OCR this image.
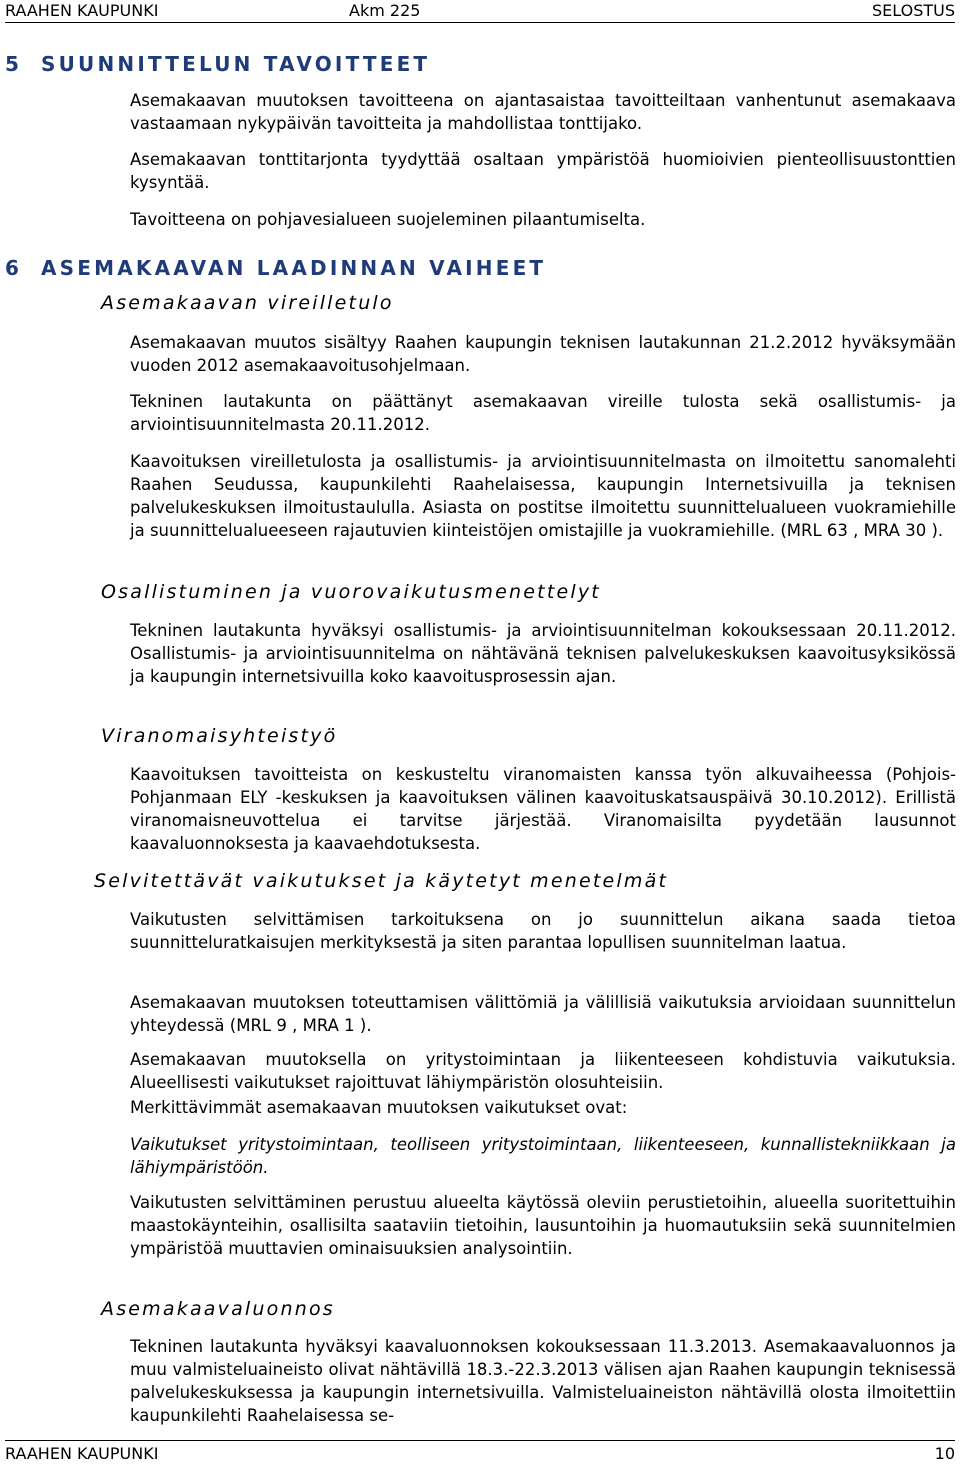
RAAHEN KAUPUNKI	Akm 225	SELOSTUS
5 SUUNNITTELUN TAVOITTEET
Asemakaavan muutoksen tavoitteena on ajantasaistaa tavoitteiltaan vanhentunut asemakaava vastaamaan nykypäivän tavoitteita ja mahdollistaa tonttijako.
Asemakaavan tonttitarjonta tyydyttää osaltaan ympäristöä huomioivien pienteollisuustonttien kysyntää.
Tavoitteena on pohjavesialueen suojeleminen pilaantumiselta.
6 ASEMAKAAVAN LAADINNAN VAIHEET
Asemakaavan vireilletulo
Asemakaavan muutos sisältyy Raahen kaupungin teknisen lautakunnan 21.2.2012 hyväksymään vuoden 2012 asemakaavoitusohjelmaan.
Tekninen lautakunta on päättänyt asemakaavan vireille tulosta sekä osallistumis- ja arviointisuunnitelmasta 20.11.2012.
Kaavoituksen vireilletulosta ja osallistumis- ja arviointisuunnitelmasta on ilmoitettu sanomalehti Raahen Seudussa, kaupunkilehti Raahelaisessa, kaupungin Internetsivuilla ja teknisen palvelukeskuksen ilmoitustaululla. Asiasta on postitse ilmoitettu suunnittelualueen vuokramiehille ja suunnittelualueeseen rajautuvien kiinteistöjen omistajille ja vuokramiehille. (MRL 63 , MRA 30 ).
Osallistuminen ja vuorovaikutusmenettelyt
Tekninen lautakunta hyväksyi osallistumis- ja arviointisuunnitelman kokouksessaan 20.11.2012. Osallistumis- ja arviointisuunnitelma on nähtävänä teknisen palvelukeskuksen kaavoitusyksikössä ja kaupungin internetsivuilla koko kaavoitusprosessin ajan.
Viranomaisyhteistyö
Kaavoituksen tavoitteista on keskusteltu viranomaisten kanssa työn alkuvaiheessa (Pohjois-Pohjanmaan ELY -keskuksen ja kaavoituksen välinen kaavoituskatsauspäivä 30.10.2012). Erillistä viranomaisneuvottelua ei tarvitse järjestää. Viranomaisilta pyydetään lausunnot kaavaluonnoksesta ja kaavaehdotuksesta.
Selvitettävät vaikutukset ja käytetyt menetelmät
Vaikutusten selvittämisen tarkoituksena on jo suunnittelun aikana saada tietoa suunnitteluratkaisujen merkityksestä ja siten parantaa lopullisen suunnitelman laatua.
Asemakaavan muutoksen toteuttamisen välittömiä ja välillisiä vaikutuksia arvioidaan suunnittelun yhteydessä (MRL 9 , MRA 1 ).
Asemakaavan muutoksella on yritystoimintaan ja liikenteeseen kohdistuvia vaikutuksia. Alueellisesti vaikutukset rajoittuvat lähiympäristön olosuhteisiin.
Merkittävimmät asemakaavan muutoksen vaikutukset ovat:
Vaikutukset yritystoimintaan, teolliseen yritystoimintaan, liikenteeseen, kunnallistekniikkaan ja lähiympäristöön.
Vaikutusten selvittäminen perustuu alueelta käytössä oleviin perustietoihin, alueella suoritettuihin maastokäynteihin, osallisilta saataviin tietoihin, lausuntoihin ja huomautuksiin sekä suunnitelmien ympäristöä muuttavien ominaisuuksien analysointiin.
Asemakaavaluonnos
Tekninen lautakunta hyväksyi kaavaluonnoksen kokouksessaan 11.3.2013. Asemakaavaluonnos ja muu valmisteluaineisto olivat nähtävillä 18.3.-22.3.2013 välisen ajan Raahen kaupungin teknisessä palvelukeskuksessa ja kaupungin internetsivuilla. Valmisteluaineiston nähtävillä olosta ilmoitettiin kaupunkilehti Raahelaisessa se-
RAAHEN KAUPUNKI	10
